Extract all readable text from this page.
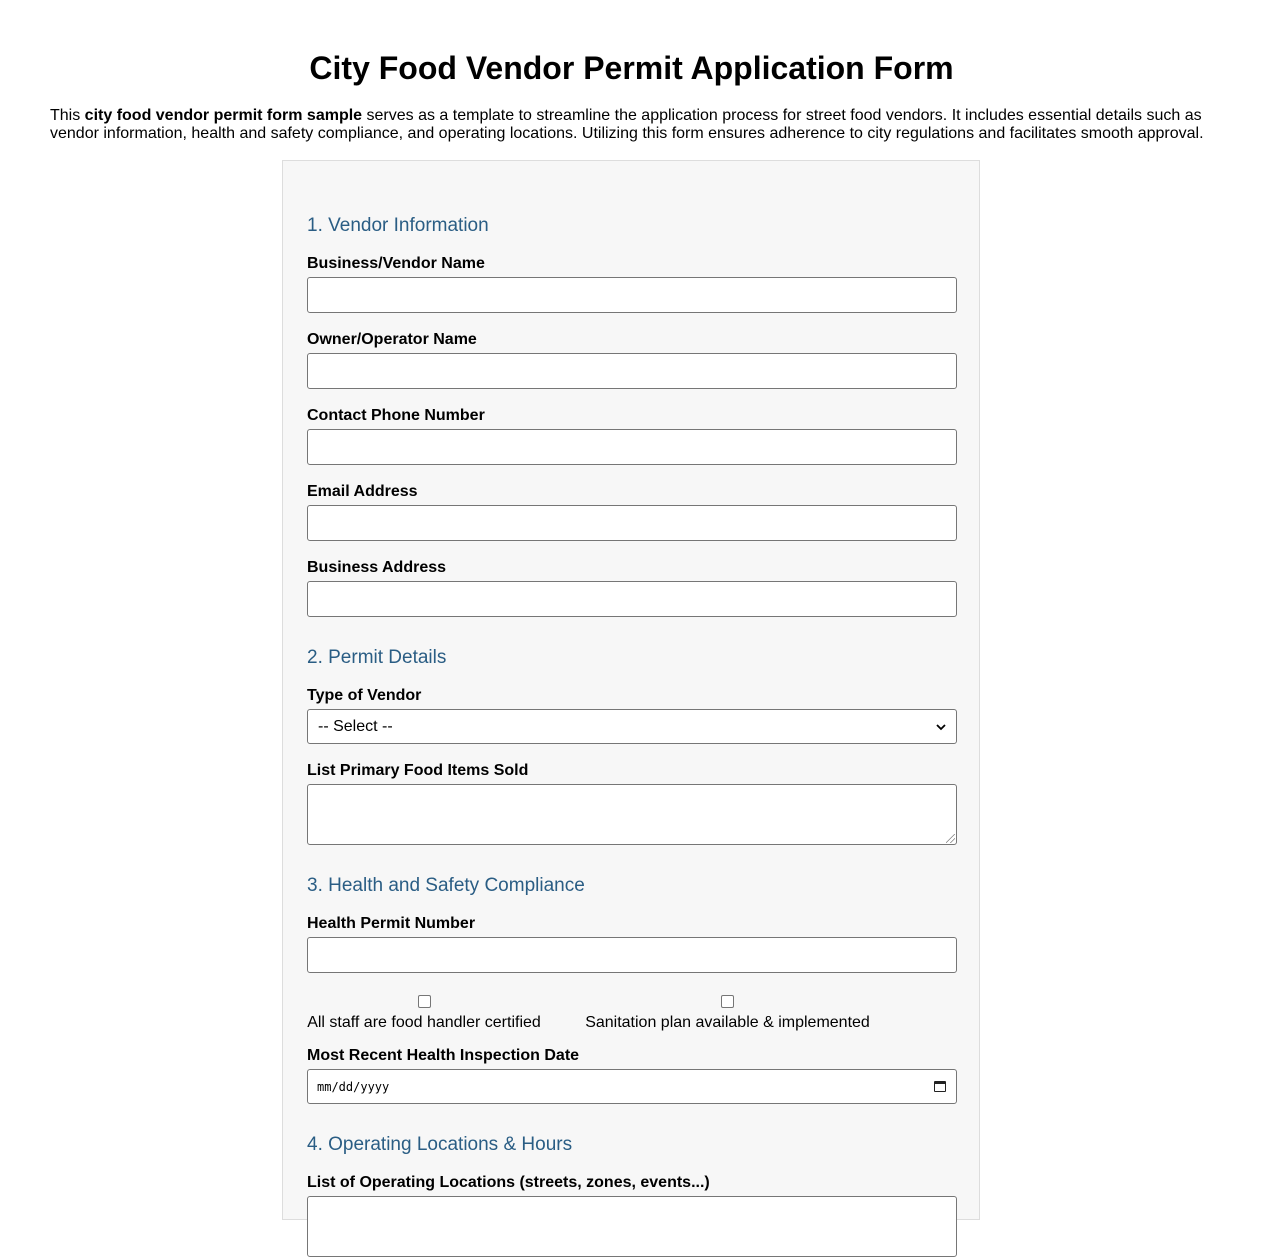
City Food Vendor Permit Application Form

This city food vendor permit form sample serves as a template to streamline the application process for street food vendors. It includes essential details such as vendor information, health and safety compliance, and operating locations. Utilizing this form ensures adherence to city regulations and facilitates smooth approval.

1. Vendor Information
Business/Vendor Name
Owner/Operator Name
Contact Phone Number
Email Address
Business Address
2. Permit Details
Type of Vendor
-- Select --
List Primary Food Items Sold
3. Health and Safety Compliance
Health Permit Number
All staff are food handler certified	Sanitation plan available & implemented
Most Recent Health Inspection Date
mm/dd/yyyy
4. Operating Locations & Hours
List of Operating Locations (streets, zones, events...)
